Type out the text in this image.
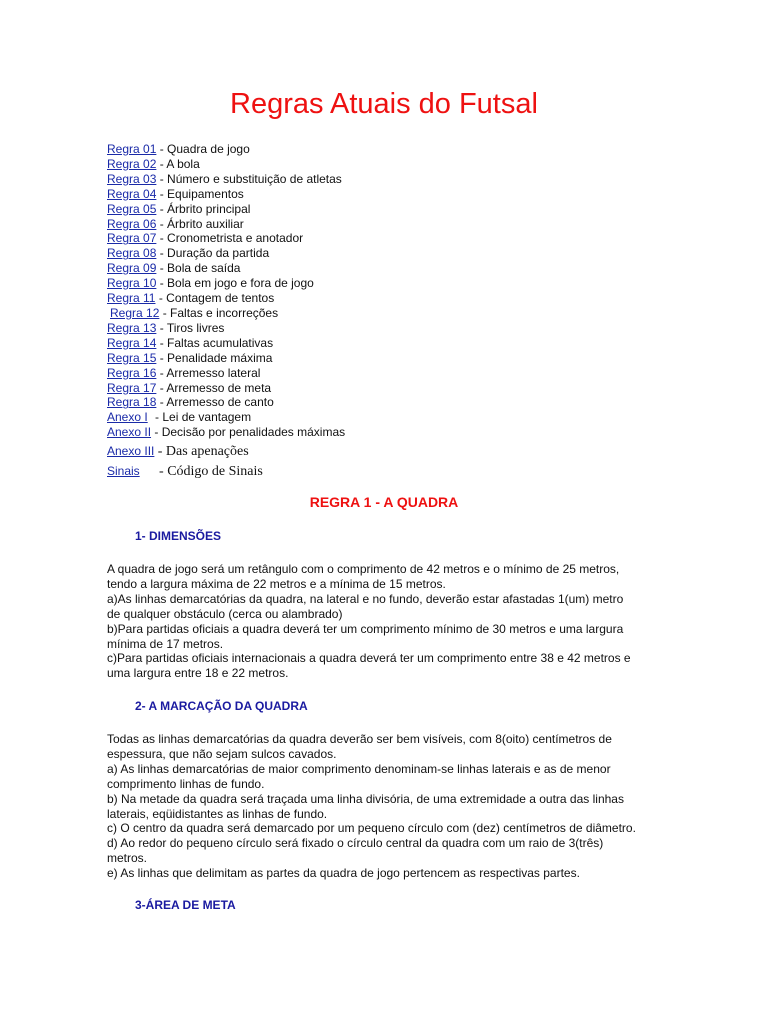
Regras Atuais do Futsal
Regra 01 - Quadra de jogo
Regra 02 - A bola
Regra 03 - Número e substituição de atletas
Regra 04 - Equipamentos
Regra 05 - Árbrito principal
Regra 06 - Árbrito auxiliar
Regra 07 - Cronometrista e anotador
Regra 08 - Duração da partida
Regra 09 - Bola de saída
Regra 10 - Bola em jogo e fora de jogo
Regra 11 - Contagem de tentos
Regra 12 - Faltas e incorreções
Regra 13 - Tiros livres
Regra 14 - Faltas acumulativas
Regra 15 - Penalidade máxima
Regra 16 - Arremesso lateral
Regra 17 - Arremesso de meta
Regra 18 - Arremesso de canto
Anexo I - Lei de vantagem
Anexo II - Decisão por penalidades máximas
Anexo III - Das apenações
Sinais - Código de Sinais
REGRA 1 - A QUADRA
1- DIMENSÕES

A quadra de jogo será um retângulo com o comprimento de 42 metros e o mínimo de 25 metros,

tendo a largura máxima de 22 metros e a mínima de 15 metros.

a)As linhas demarcatórias da quadra, na lateral e no fundo, deverão estar afastadas 1(um) metro

de qualquer obstáculo (cerca ou alambrado)

b)Para partidas oficiais a quadra deverá ter um comprimento mínimo de 30 metros e uma largura

mínima de 17 metros.

c)Para partidas oficiais internacionais a quadra deverá ter um comprimento entre 38 e 42 metros e

uma largura entre 18 e 22 metros.

2- A MARCAÇÃO DA QUADRA

Todas as linhas demarcatórias da quadra deverão ser bem visíveis, com 8(oito) centímetros de

espessura, que não sejam sulcos cavados.

a) As linhas demarcatórias de maior comprimento denominam-se linhas laterais e as de menor

comprimento linhas de fundo.

b) Na metade da quadra será traçada uma linha divisória, de uma extremidade a outra das linhas

laterais, eqüidistantes as linhas de fundo.

c) O centro da quadra será demarcado por um pequeno círculo com (dez) centímetros de diâmetro.

d) Ao redor do pequeno círculo será fixado o círculo central da quadra com um raio de 3(três)

metros.

e) As linhas que delimitam as partes da quadra de jogo pertencem as respectivas partes.

3-ÁREA DE META
